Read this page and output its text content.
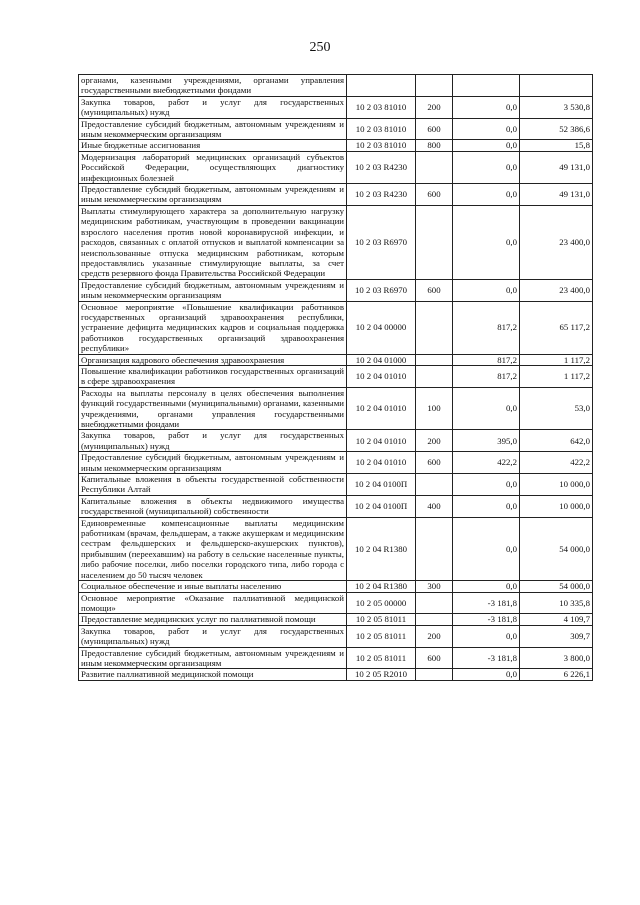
250
органами, казенными учреждениями, органами управления государственными внебюджетными фондами				
Закупка товаров, работ и услуг для государственных (муниципальных) нужд	10 2 03 81010	200	0,0	3 530,8
Предоставление субсидий бюджетным, автономным учреждениям и иным некоммерческим организациям	10 2 03 81010	600	0,0	52 386,6
Иные бюджетные ассигнования	10 2 03 81010	800	0,0	15,8
Модернизация лабораторий медицинских организаций субъектов Российской Федерации, осуществляющих диагностику инфекционных болезней	10 2 03 R4230		0,0	49 131,0
Предоставление субсидий бюджетным, автономным учреждениям и иным некоммерческим организациям	10 2 03 R4230	600	0,0	49 131,0
Выплаты стимулирующего характера за дополнительную нагрузку медицинским работникам, участвующим в проведении вакцинации взрослого населения против новой коронавирусной инфекции, и расходов, связанных с оплатой отпусков и выплатой компенсации за неиспользованные отпуска медицинским работникам, которым предоставлялись указанные стимулирующие выплаты, за счет средств резервного фонда Правительства Российской Федерации	10 2 03 R6970		0,0	23 400,0
Предоставление субсидий бюджетным, автономным учреждениям и иным некоммерческим организациям	10 2 03 R6970	600	0,0	23 400,0
Основное мероприятие «Повышение квалификации работников государственных организаций здравоохранения республики, устранение дефицита медицинских кадров и социальная поддержка работников государственных организаций здравоохранения республики»	10 2 04 00000		817,2	65 117,2
Организация кадрового обеспечения здравоохранения	10 2 04 01000		817,2	1 117,2
Повышение квалификации работников государственных организаций в сфере здравоохранения	10 2 04 01010		817,2	1 117,2
Расходы на выплаты персоналу в целях обеспечения выполнения функций государственными (муниципальными) органами, казенными учреждениями, органами управления государственными внебюджетными фондами	10 2 04 01010	100	0,0	53,0
Закупка товаров, работ и услуг для государственных (муниципальных) нужд	10 2 04 01010	200	395,0	642,0
Предоставление субсидий бюджетным, автономным учреждениям и иным некоммерческим организациям	10 2 04 01010	600	422,2	422,2
Капитальные вложения в объекты государственной собственности Республики Алтай	10 2 04 0100П		0,0	10 000,0
Капитальные вложения в объекты недвижимого имущества государственной (муниципальной) собственности	10 2 04 0100П	400	0,0	10 000,0
Единовременные компенсационные выплаты медицинским работникам (врачам, фельдшерам, а также акушеркам и медицинским сестрам фельдшерских и фельдшерско-акушерских пунктов), прибывшим (переехавшим) на работу в сельские населенные пункты, либо рабочие поселки, либо поселки городского типа, либо города с населением до 50 тысяч человек	10 2 04 R1380		0,0	54 000,0
Социальное обеспечение и иные выплаты населению	10 2 04 R1380	300	0,0	54 000,0
Основное мероприятие «Оказание паллиативной медицинской помощи»	10 2 05 00000		-3 181,8	10 335,8
Предоставление медицинских услуг по паллиативной помощи	10 2 05 81011		-3 181,8	4 109,7
Закупка товаров, работ и услуг для государственных (муниципальных) нужд	10 2 05 81011	200	0,0	309,7
Предоставление субсидий бюджетным, автономным учреждениям и иным некоммерческим организациям	10 2 05 81011	600	-3 181,8	3 800,0
Развитие паллиативной медицинской помощи	10 2 05 R2010		0,0	6 226,1
